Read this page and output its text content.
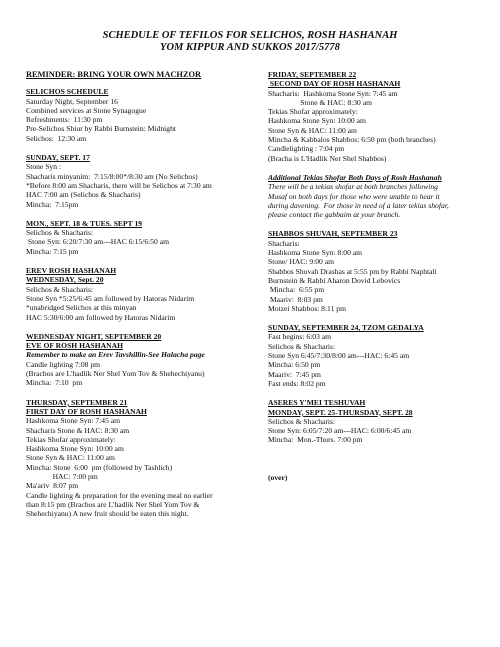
SCHEDULE OF TEFILOS FOR SELICHOS, ROSH HASHANAH
YOM KIPPUR AND SUKKOS 2017/5778
REMINDER: BRING YOUR OWN MACHZOR
SELICHOS SCHEDULE
Saturday Night, September 16
Combined services at Stone Synagogue
Refreshments:  11:30 pm
Pre-Selichos Shiur by Rabbi Burnstein: Midnight
Selichos:  12:30 am
SUNDAY, SEPT. 17
Stone Syn :
Shacharis minyanim:  7:15/8:00*/8:30 am (No Selichos)
*Before 8:00 am Shacharis, there will be Selichos at 7:30 am
HAC 7:00 am (Selichos & Shacharis)
Mincha:  7:15pm
MON., SEPT. 18 & TUES. SEPT 19
Selichos & Shacharis:
Stone Syn: 6:20/7:30 am---HAC 6:15/6:50 am
Mincha: 7:15 pm
EREV ROSH HASHANAH
WEDNESDAY, Sept. 20
Selichos & Shacharis:
Stone Syn *5:25/6:45 am followed by Hatoras Nidarim
*unabridged Selichos at this minyan
HAC 5:30/6:00 am followed by Hatoras Nidarim
WEDNESDAY NIGHT, SEPTEMBER 20
EVE OF ROSH HASHANAH
Remember to make an Erev Tavshillin-See Halacha page
Candle lighting 7:08 pm
(Brachos are L'hadlik Ner Shel Yom Tov & Shehechiyanu)
Mincha:  7:10  pm
THURSDAY, SEPTEMBER 21
FIRST DAY OF ROSH HASHANAH
Hashkoma Stone Syn: 7:45 am
Shacharis Stone & HAC: 8:30 am
Tekias Shofar approximately:
Hashkoma Stone Syn: 10:00 am
Stone Syn & HAC: 11:00 am
Mincha: Stone  6:00  pm (followed by Tashlich)
HAC: 7:00 pm
Ma'ariv  8:07 pm
Candle lighting & preparation for the evening meal no earlier
than 8:15 pm (Brachos are L'hadlik Ner Shel Yom Tov &
Shehechiyanu) A new fruit should be eaten this night.
FRIDAY, SEPTEMBER 22
SECOND DAY OF ROSH HASHANAH
Shacharis:  Hashkoma Stone Syn: 7:45 am
Stone & HAC: 8:30 am
Tekias Shofar approximately:
Hashkoma Stone Syn: 10:00 am
Stone Syn & HAC: 11:00 am
Mincha & Kabbalos Shabbos: 6:50 pm (both branches)
Candlelighting : 7:04 pm
(Bracha is L'Hadlik Ner Shel Shabbos)
Additional Tekias Shofar Both Days of Rosh Hashanah
There will be a tekias shofar at both branches following
Musaf on both days for those who were unable to hear it
during davening.  For those in need of a later tekias shofar,
please contact the gabbaim at your branch.
SHABBOS SHUVAH, SEPTEMBER 23
Shacharis:
Hashkoma Stone Syn: 8:00 am
Stone/ HAC: 9:00 am
Shabbos Shuvah Drashas at 5:55 pm by Rabbi Naphtali
Burnstein & Rabbi Aharon Dovid Lebovics
Mincha:  6:55 pm
Maariv:  8:03 pm
Motzei Shabbos: 8:11 pm
SUNDAY, SEPTEMBER 24, TZOM GEDALYA
Fast begins: 6:03 am
Selichos & Shacharis:
Stone Syn 6:45/7:30/8:00 am---HAC: 6:45 am
Mincha: 6:50 pm
Maariv:  7:45 pm
Fast ends: 8:02 pm
ASERES Y'MEI TESHUVAH
MONDAY, SEPT. 25-THURSDAY, SEPT. 28
Selichos & Shacharis:
Stone Syn: 6:05/7:20 am---HAC: 6:00/6:45 am
Mincha:  Mon.-Thurs. 7:00 pm
(over)
